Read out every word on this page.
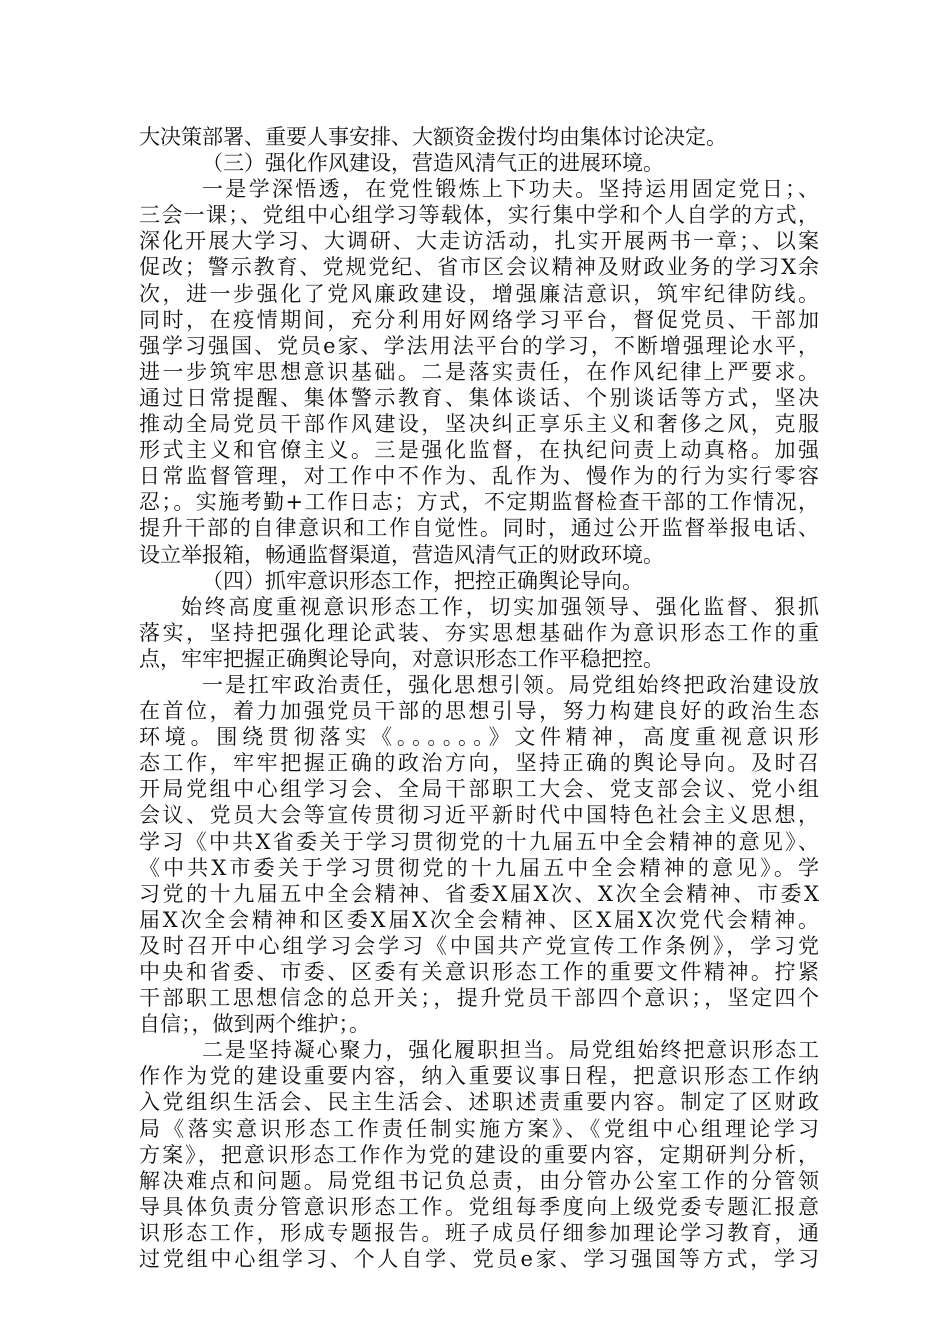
大决策部署、重要人事安排、大额资金拨付均由集体讨论决定。
（三）强化作风建设，营造风清气正的进展环境。
一是学深悟透，在党性锻炼上下功夫。坚持运用固定党日；、
三会一课；、党组中心组学习等载体，实行集中学和个人自学的方式，
深化开展大学习、大调研、大走访活动，扎实开展两书一章；、以案
促改；警示教育、党规党纪、省市区会议精神及财政业务的学习X余
次，进一步强化了党风廉政建设，增强廉洁意识，筑牢纪律防线。
同时，在疫情期间，充分利用好网络学习平台，督促党员、干部加
强学习强国、党员e家、学法用法平台的学习，不断增强理论水平，
进一步筑牢思想意识基础。二是落实责任，在作风纪律上严要求。
通过日常提醒、集体警示教育、集体谈话、个别谈话等方式，坚决
推动全局党员干部作风建设，坚决纠正享乐主义和奢侈之风，克服
形式主义和官僚主义。三是强化监督，在执纪问责上动真格。加强
日常监督管理，对工作中不作为、乱作为、慢作为的行为实行零容
忍；。实施考勤+工作日志；方式，不定期监督检查干部的工作情况，
提升干部的自律意识和工作自觉性。同时，通过公开监督举报电话、
设立举报箱，畅通监督渠道，营造风清气正的财政环境。
（四）抓牢意识形态工作，把控正确舆论导向。
始终高度重视意识形态工作，切实加强领导、强化监督、狠抓
落实，坚持把强化理论武装、夯实思想基础作为意识形态工作的重
点，牢牢把握正确舆论导向，对意识形态工作平稳把控。
一是扛牢政治责任，强化思想引领。局党组始终把政治建设放
在首位，着力加强党员干部的思想引导，努力构建良好的政治生态
环境。围绕贯彻落实《。。。。。。》文件精神，高度重视意识形
态工作，牢牢把握正确的政治方向，坚持正确的舆论导向。及时召
开局党组中心组学习会、全局干部职工大会、党支部会议、党小组
会议、党员大会等宣传贯彻习近平新时代中国特色社会主义思想，
学习《中共X省委关于学习贯彻党的十九届五中全会精神的意见》、
《中共X市委关于学习贯彻党的十九届五中全会精神的意见》。学
习党的十九届五中全会精神、省委X届X次、X次全会精神、市委X
届X次全会精神和区委X届X次全会精神、区X届X次党代会精神。
及时召开中心组学习会学习《中国共产党宣传工作条例》，学习党
中央和省委、市委、区委有关意识形态工作的重要文件精神。拧紧
干部职工思想信念的总开关；，提升党员干部四个意识；，坚定四个
自信；，做到两个维护；。
二是坚持凝心聚力，强化履职担当。局党组始终把意识形态工
作作为党的建设重要内容，纳入重要议事日程，把意识形态工作纳
入党组织生活会、民主生活会、述职述责重要内容。制定了区财政
局《落实意识形态工作责任制实施方案》、《党组中心组理论学习
方案》，把意识形态工作作为党的建设的重要内容，定期研判分析，
解决难点和问题。局党组书记负总责，由分管办公室工作的分管领
导具体负责分管意识形态工作。党组每季度向上级党委专题汇报意
识形态工作，形成专题报告。班子成员仔细参加理论学习教育，通
过党组中心组学习、个人自学、党员e家、学习强国等方式，学习
